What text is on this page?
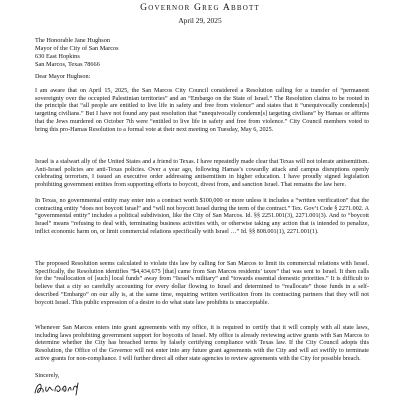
Governor Greg Abbott
April 29, 2025
The Honorable Jane Hughson
Mayor of the City of San Marcos
630 East Hopkins
San Marcos, Texas 78666
Dear Mayor Hughson:
I am aware that on April 15, 2025, the San Marcos City Council considered a Resolution calling for a transfer of “permanent sovereignty over the occupied Palestinian territories” and an “Embargo on the State of Israel.” The Resolution claims to be rooted in the principle that “all people are entitled to live life in safety and free from violence” and states that it “unequivocally condemn[s] targeting civilians.” But I have not found any past resolution that “unequivocally condemn[s] targeting civilians” by Hamas or affirms that the Jews murdered on October 7th were “entitled to live life in safety and free from violence.” City Council members voted to bring this pro-Hamas Resolution to a formal vote at their next meeting on Tuesday, May 6, 2025.
Israel is a stalwart ally of the United States and a friend to Texas. I have repeatedly made clear that Texas will not tolerate antisemitism. Anti-Israel policies are anti-Texas policies. Over a year ago, following Hamas’s cowardly attack and campus disruptions openly celebrating terrorism, I issued an executive order addressing antisemitism in higher education. I have proudly signed legislation prohibiting government entities from supporting efforts to boycott, divest from, and sanction Israel. That remains the law here.
In Texas, no governmental entity may enter into a contract worth $100,000 or more unless it includes a “written verification” that the contracting entity “does not boycott Israel” and “will not boycott Israel during the term of the contract.” Tex. Gov’t Code § 2271.002. A “governmental entity” includes a political subdivision, like the City of San Marcos. Id. §§ 2251.001(3), 2271.001(3). And to “boycott Israel” means “refusing to deal with, terminating business activities with, or otherwise taking any action that is intended to penalize, inflict economic harm on, or limit commercial relations specifically with Israel …” Id. §§ 808.001(1), 2271.001(1).
The proposed Resolution seems calculated to violate this law by calling for San Marcos to limit its commercial relations with Israel. Specifically, the Resolution identifies “$4,434,675 [that] came from San Marcos residents’ taxes” that was sent to Israel. It then calls for the “reallocation of [such] local funds” away from “Israel’s military” and “towards essential domestic priorities.” It is difficult to believe that a city so carefully accounting for every dollar flowing to Israel and determined to “reallocate” those funds in a self-described “Embargo” on our ally is, at the same time, requiring written verification from its contracting partners that they will not boycott Israel. This public expression of a desire to do what state law prohibits is unacceptable.
Whenever San Marcos enters into grant agreements with my office, it is required to certify that it will comply with all state laws, including laws prohibiting government support for boycotts of Israel. My office is already reviewing active grants with San Marcos to determine whether the City has breached terms by falsely certifying compliance with Texas law. If the City Council adopts this Resolution, the Office of the Governor will not enter into any future grant agreements with the City and will act swiftly to terminate active grants for non-compliance. I will further direct all other state agencies to review agreements with the City for possible breach.
Sincerely,
